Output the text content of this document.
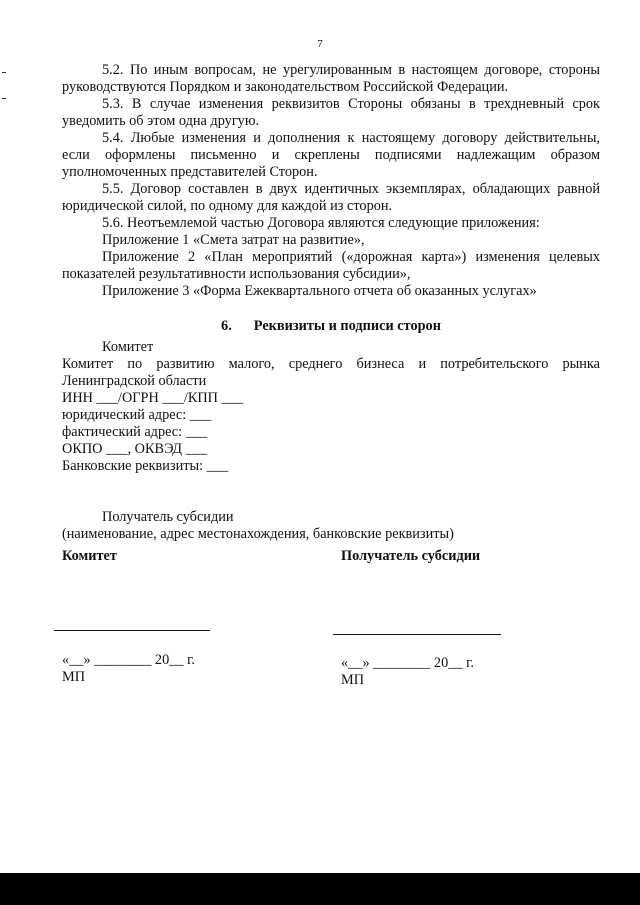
7

5.2. По иным вопросам, не урегулированным в настоящем договоре, стороны руководствуются Порядком и законодательством Российской Федерации.

5.3. В случае изменения реквизитов Стороны обязаны в трехдневный срок уведомить об этом одна другую.

5.4. Любые изменения и дополнения к настоящему договору действительны, если оформлены письменно и скреплены подписями надлежащим образом уполномоченных представителей Сторон.

5.5. Договор составлен в двух идентичных экземплярах, обладающих равной юридической силой, по одному для каждой из сторон.

5.6. Неотъемлемой частью Договора являются следующие приложения:

Приложение 1 «Смета затрат на развитие»,

Приложение 2 «План мероприятий («дорожная карта») изменения целевых показателей результативности использования субсидии»,

Приложение 3 «Форма Ежеквартального отчета об оказанных услугах»

6. Реквизиты и подписи сторон

Комитет

Комитет по развитию малого, среднего бизнеса и потребительского рынка Ленинградской области

ИНН ___/ОГРН ___/КПП ___

юридический адрес: ___

фактический адрес: ___

ОКПО ___, ОКВЭД ___

Банковские реквизиты: ___

Получатель субсидии

(наименование, адрес местонахождения, банковские реквизиты)

Комитет	Получатель субсидии
«__» ________ 20__ г.
МП
«__» ________ 20__ г.
МП
